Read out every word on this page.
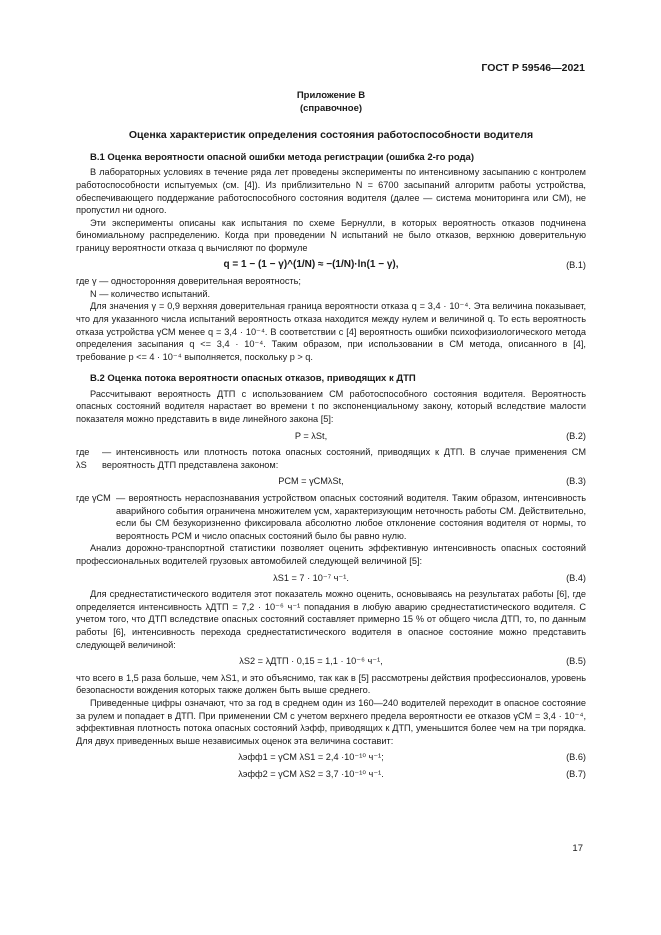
ГОСТ Р 59546—2021

Приложение В

(справочное)

Оценка характеристик определения состояния работоспособности водителя

В.1 Оценка вероятности опасной ошибки метода регистрации (ошибка 2-го рода)

В лабораторных условиях в течение ряда лет проведены эксперименты по интенсивному засыпанию с контролем работоспособности испытуемых (см. [4]). Из приблизительно N = 6700 засыпаний алгоритм работы устройства, обеспечивающего поддержание работоспособного состояния водителя (далее — система мониторинга или СМ), не пропустил ни одного.

Эти эксперименты описаны как испытания по схеме Бернулли, в которых вероятность отказов подчинена биномиальному распределению. Когда при проведении N испытаний не было отказов, верхнюю доверительную границу вероятности отказа q вычисляют по формуле

q = 1 − (1 − γ)^(1/N) ≈ −(1/N)·ln(1 − γ),	(В.1)

где γ — односторонняя доверительная вероятность;

N — количество испытаний.

Для значения γ = 0,9 верхняя доверительная граница вероятности отказа q = 3,4 · 10⁻⁴. Эта величина показывает, что для указанного числа испытаний вероятность отказа находится между нулем и величиной q. То есть вероятность отказа устройства γСМ менее q = 3,4 · 10⁻⁴. В соответствии с [4] вероятность ошибки психофизиологического метода определения засыпания q <= 3,4 · 10⁻⁴. Таким образом, при использовании в СМ метода, описанного в [4], требование p <= 4 · 10⁻⁴ выполняется, поскольку p > q.

В.2 Оценка потока вероятности опасных отказов, приводящих к ДТП

Рассчитывают вероятность ДТП с использованием СМ работоспособного состояния водителя. Вероятность опасных состояний водителя нарастает во времени t по экспоненциальному закону, который вследствие малости показателя можно представить в виде линейного закона [5]:

P = λSt,	(В.2)
где λS
— интенсивность или плотность потока опасных состояний, приводящих к ДТП. В случае применения СМ вероятность ДТП представлена законом:
PСМ = γСМλSt,	(В.3)
где γСМ — вероятность нераспознавания устройством опасных состояний водителя. Таким образом, интенсивность аварийного события ограничена множителем γсм, характеризующим неточность работы СМ. Действительно, если бы СМ безукоризненно фиксировала абсолютно любое отклонение состояния водителя от нормы, то вероятность PСМ и число опасных состояний было бы равно нулю.

Анализ дорожно-транспортной статистики позволяет оценить эффективную интенсивность опасных состояний профессиональных водителей грузовых автомобилей следующей величиной [5]:

λS1 = 7 · 10⁻⁷ ч⁻¹.	(В.4)

Для среднестатистического водителя этот показатель можно оценить, основываясь на результатах работы [6], где определяется интенсивность λДТП = 7,2 · 10⁻⁶ ч⁻¹ попадания в любую аварию среднестатистического водителя. С учетом того, что ДТП вследствие опасных состояний составляет примерно 15 % от общего числа ДТП, то, по данным работы [6], интенсивность перехода среднестатистического водителя в опасное состояние можно представить следующей величиной:

λS2 = λДТП · 0,15 = 1,1 · 10⁻⁶ ч⁻¹,	(В.5)

что всего в 1,5 раза больше, чем λS1, и это объяснимо, так как в [5] рассмотрены действия профессионалов, уровень безопасности вождения которых также должен быть выше среднего.

Приведенные цифры означают, что за год в среднем один из 160—240 водителей переходит в опасное состояние за рулем и попадает в ДТП. При применении СМ с учетом верхнего предела вероятности ее отказов γСМ = 3,4 · 10⁻⁴, эффективная плотность потока опасных состояний λэфф, приводящих к ДТП, уменьшится более чем на три порядка. Для двух приведенных выше независимых оценок эта величина составит:

λэфф1 = γСМ λS1 = 2,4 ·10⁻¹⁰ ч⁻¹;	(В.6)
λэфф2 = γСМ λS2 = 3,7 ·10⁻¹⁰ ч⁻¹.	(В.7)
17
